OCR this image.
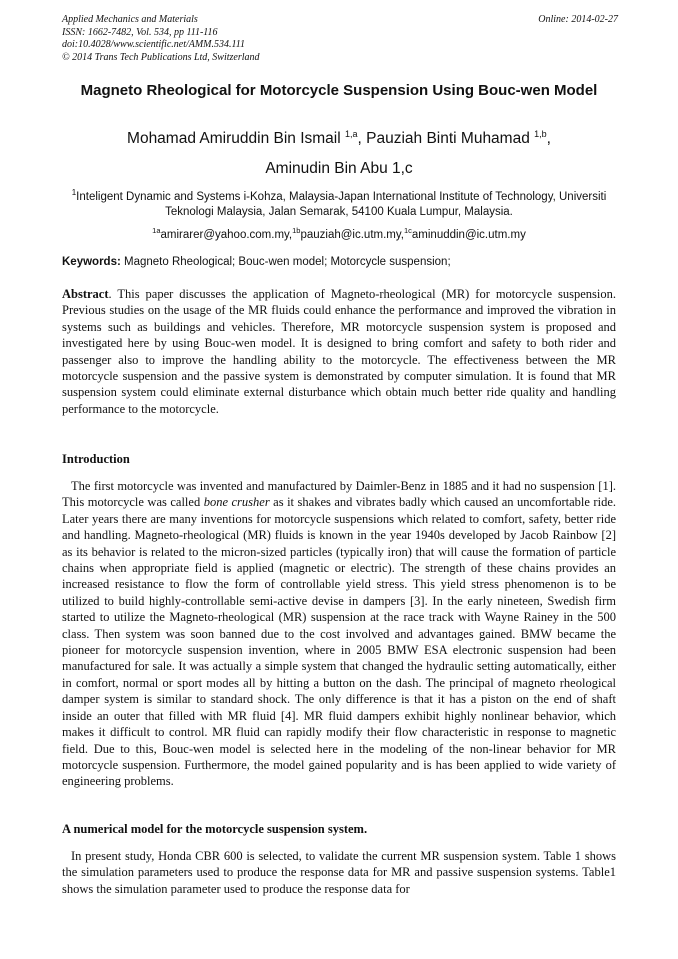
Applied Mechanics and Materials
ISSN: 1662-7482, Vol. 534, pp 111-116
doi:10.4028/www.scientific.net/AMM.534.111
© 2014 Trans Tech Publications Ltd, Switzerland
Online: 2014-02-27
Magneto Rheological for Motorcycle Suspension Using Bouc-wen Model
Mohamad Amiruddin Bin Ismail $^{1,a}$, Pauziah Binti Muhamad $^{1,b}$,
Aminudin Bin Abu 1,c
$^1$Inteligent Dynamic and Systems i-Kohza, Malaysia-Japan International Institute of Technology, Universiti Teknologi Malaysia, Jalan Semarak, 54100 Kuala Lumpur, Malaysia.
$^{1a}$amirarer@yahoo.com.my,$^{1b}$pauziah@ic.utm.my,$^{1c}$aminuddin@ic.utm.my
Keywords: Magneto Rheological; Bouc-wen model; Motorcycle suspension;
Abstract. This paper discusses the application of Magneto-rheological (MR) for motorcycle suspension. Previous studies on the usage of the MR fluids could enhance the performance and improved the vibration in systems such as buildings and vehicles. Therefore, MR motorcycle suspension system is proposed and investigated here by using Bouc-wen model. It is designed to bring comfort and safety to both rider and passenger also to improve the handling ability to the motorcycle. The effectiveness between the MR motorcycle suspension and the passive system is demonstrated by computer simulation. It is found that MR suspension system could eliminate external disturbance which obtain much better ride quality and handling performance to the motorcycle.
Introduction
The first motorcycle was invented and manufactured by Daimler-Benz in 1885 and it had no suspension [1]. This motorcycle was called bone crusher as it shakes and vibrates badly which caused an uncomfortable ride. Later years there are many inventions for motorcycle suspensions which related to comfort, safety, better ride and handling. Magneto-rheological (MR) fluids is known in the year 1940s developed by Jacob Rainbow [2] as its behavior is related to the micron-sized particles (typically iron) that will cause the formation of particle chains when appropriate field is applied (magnetic or electric). The strength of these chains provides an increased resistance to flow the form of controllable yield stress. This yield stress phenomenon is to be utilized to build highly-controllable semi-active devise in dampers [3]. In the early nineteen, Swedish firm started to utilize the Magneto-rheological (MR) suspension at the race track with Wayne Rainey in the 500 class. Then system was soon banned due to the cost involved and advantages gained. BMW became the pioneer for motorcycle suspension invention, where in 2005 BMW ESA electronic suspension had been manufactured for sale. It was actually a simple system that changed the hydraulic setting automatically, either in comfort, normal or sport modes all by hitting a button on the dash. The principal of magneto rheological damper system is similar to standard shock. The only difference is that it has a piston on the end of shaft inside an outer that filled with MR fluid [4]. MR fluid dampers exhibit highly nonlinear behavior, which makes it difficult to control. MR fluid can rapidly modify their flow characteristic in response to magnetic field. Due to this, Bouc-wen model is selected here in the modeling of the non-linear behavior for MR motorcycle suspension. Furthermore, the model gained popularity and is has been applied to wide variety of engineering problems.
A numerical model for the motorcycle suspension system.
In present study, Honda CBR 600 is selected, to validate the current MR suspension system. Table 1 shows the simulation parameters used to produce the response data for MR and passive suspension systems. Table1 shows the simulation parameter used to produce the response data for
